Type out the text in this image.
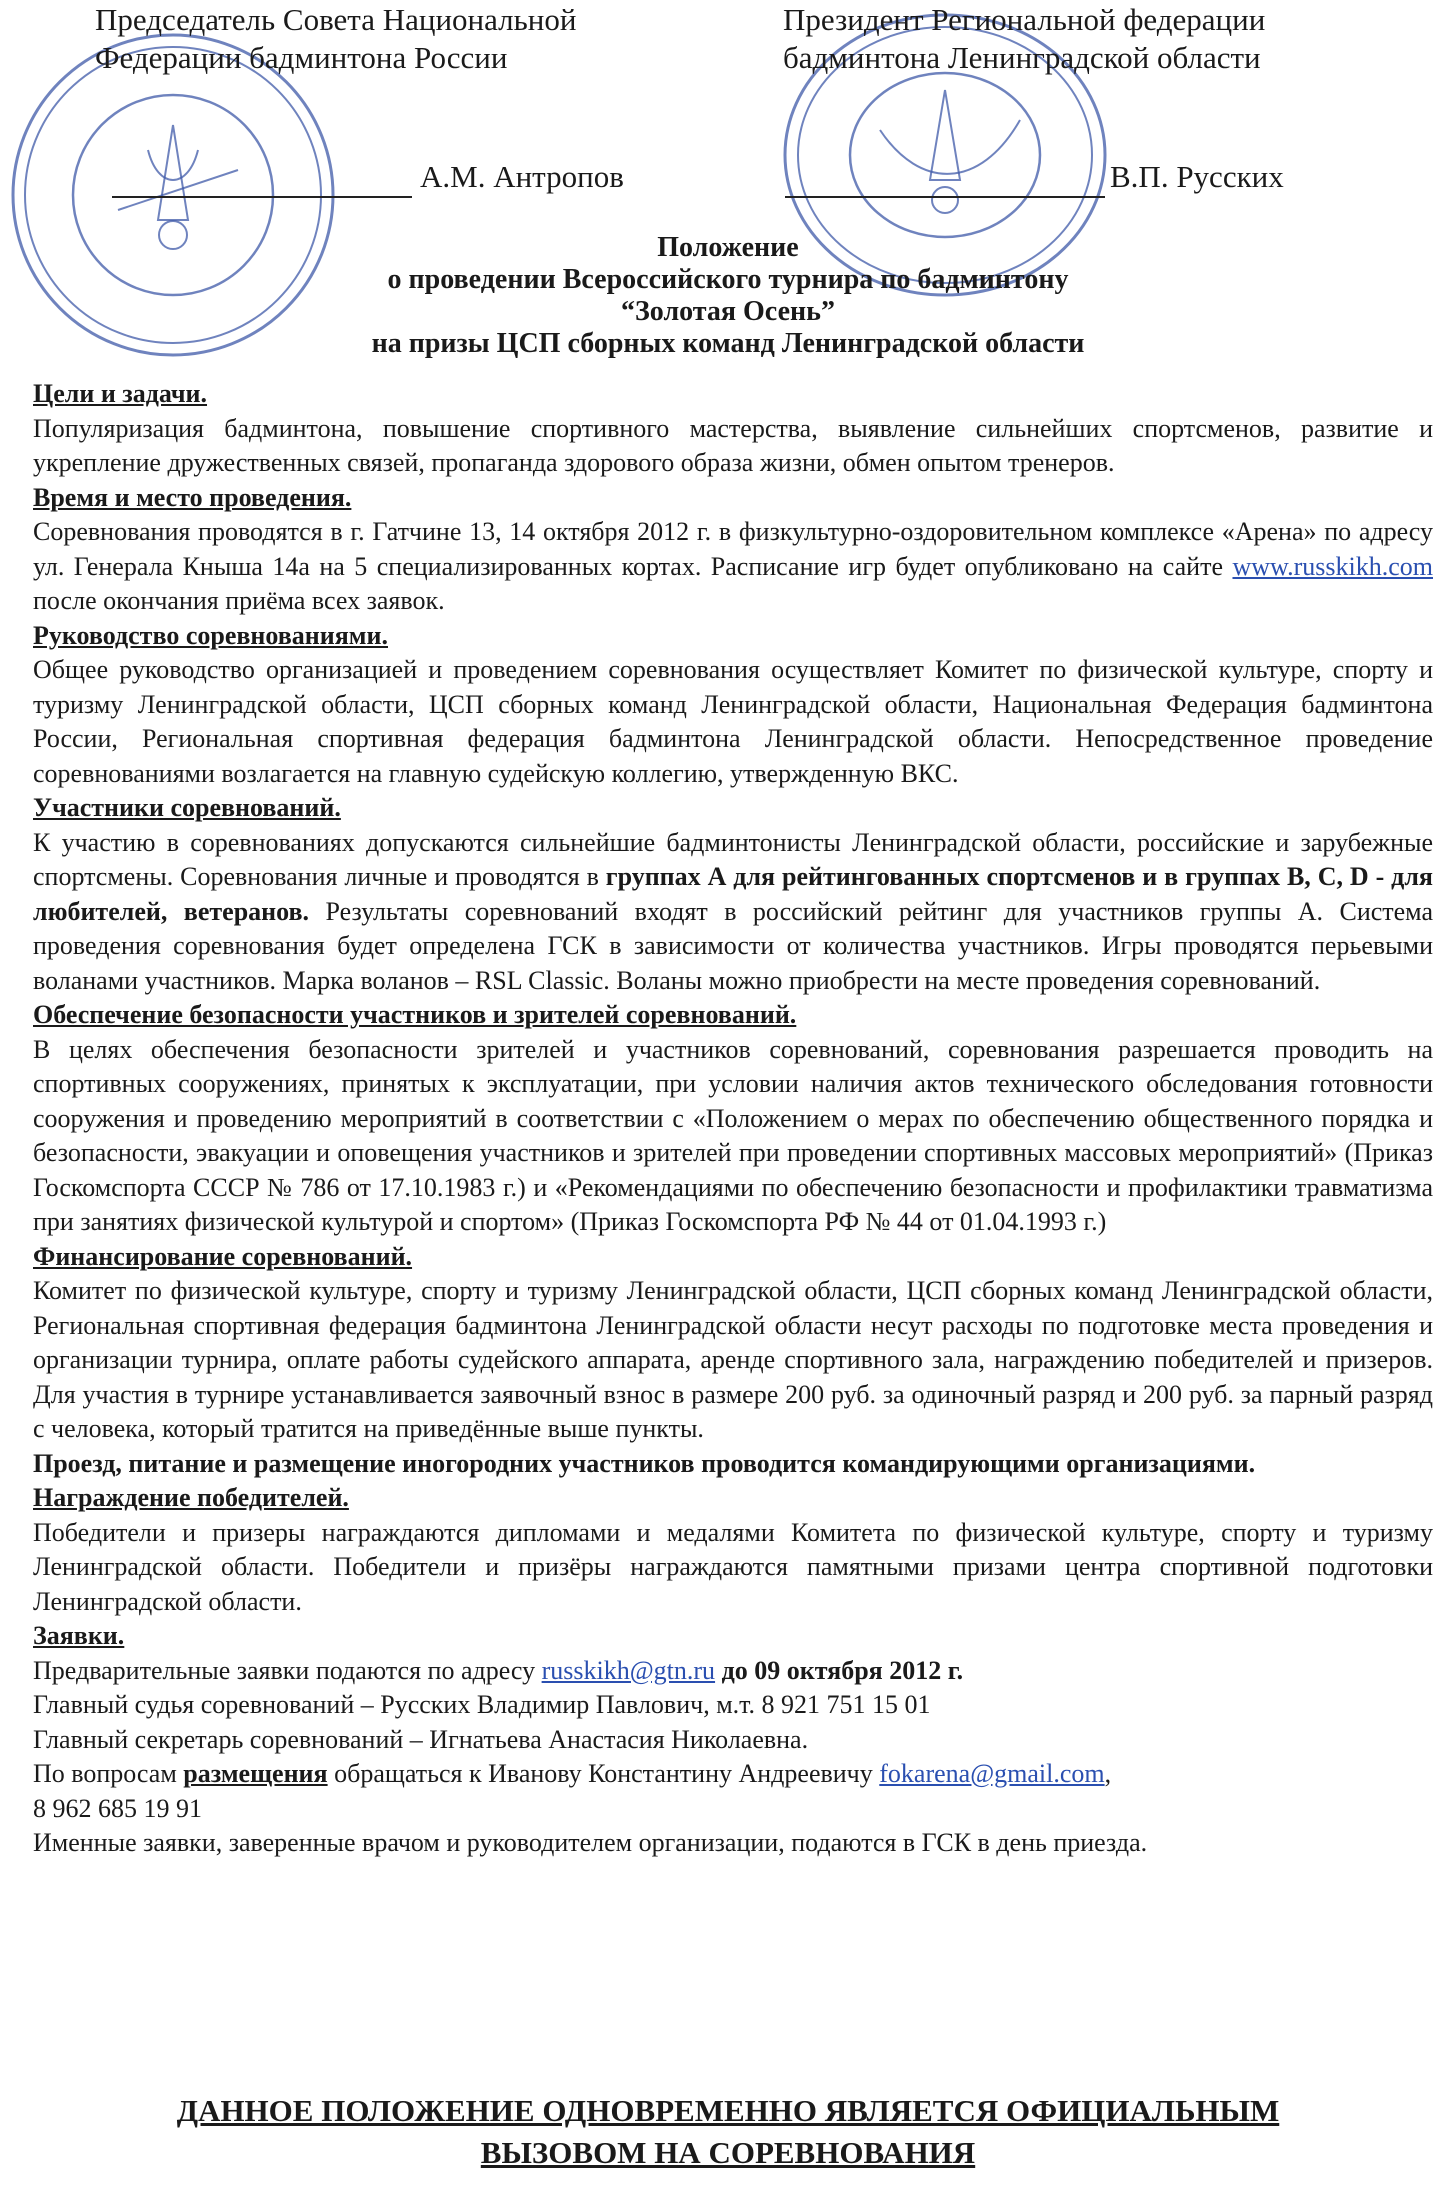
Председатель Совета Национальной
Федерации бадминтона России
Президент Региональной федерации
бадминтона Ленинградской области
А.М. Антропов	В.П. Русских
Положение
о проведении Всероссийского турнира по бадминтону
“Золотая Осень”
на призы ЦСП сборных команд Ленинградской области

Цели и задачи.

Популяризация бадминтона, повышение спортивного мастерства, выявление сильнейших спортсменов, развитие и укрепление дружественных связей, пропаганда здорового образа жизни, обмен опытом тренеров.

Время и место проведения.

Соревнования проводятся в г. Гатчине 13, 14 октября 2012 г. в физкультурно-оздоровительном комплексе «Арена» по адресу ул. Генерала Кныша 14а на 5 специализированных кортах. Расписание игр будет опубликовано на сайте www.russkikh.com после окончания приёма всех заявок.

Руководство соревнованиями.

Общее руководство организацией и проведением соревнования осуществляет Комитет по физической культуре, спорту и туризму Ленинградской области, ЦСП сборных команд Ленинградской области, Национальная Федерация бадминтона России, Региональная спортивная федерация бадминтона Ленинградской области. Непосредственное проведение соревнованиями возлагается на главную судейскую коллегию, утвержденную ВКС.

Участники соревнований.

К участию в соревнованиях допускаются сильнейшие бадминтонисты Ленинградской области, российские и зарубежные спортсмены. Соревнования личные и проводятся в группах А для рейтингованных спортсменов и в группах B, C, D - для любителей, ветеранов. Результаты соревнований входят в российский рейтинг для участников группы А. Система проведения соревнования будет определена ГСК в зависимости от количества участников. Игры проводятся перьевыми воланами участников. Марка воланов – RSL Classic. Воланы можно приобрести на месте проведения соревнований.

Обеспечение безопасности участников и зрителей соревнований.

В целях обеспечения безопасности зрителей и участников соревнований, соревнования разрешается проводить на спортивных сооружениях, принятых к эксплуатации, при условии наличия актов технического обследования готовности сооружения и проведению мероприятий в соответствии с «Положением о мерах по обеспечению общественного порядка и безопасности, эвакуации и оповещения участников и зрителей при проведении спортивных массовых мероприятий» (Приказ Госкомспорта СССР № 786 от 17.10.1983 г.) и «Рекомендациями по обеспечению безопасности и профилактики травматизма при занятиях физической культурой и спортом» (Приказ Госкомспорта РФ № 44 от 01.04.1993 г.)

Финансирование соревнований.

Комитет по физической культуре, спорту и туризму Ленинградской области, ЦСП сборных команд Ленинградской области, Региональная спортивная федерация бадминтона Ленинградской области несут расходы по подготовке места проведения и организации турнира, оплате работы судейского аппарата, аренде спортивного зала, награждению победителей и призеров. Для участия в турнире устанавливается заявочный взнос в размере 200 руб. за одиночный разряд и 200 руб. за парный разряд с человека, который тратится на приведённые выше пункты.

Проезд, питание и размещение иногородних участников проводится командирующими организациями.

Награждение победителей.

Победители и призеры награждаются дипломами и медалями Комитета по физической культуре, спорту и туризму Ленинградской области. Победители и призёры награждаются памятными призами центра спортивной подготовки Ленинградской области.

Заявки.

Предварительные заявки подаются по адресу russkikh@gtn.ru до 09 октября 2012 г.

Главный судья соревнований – Русских Владимир Павлович, м.т. 8 921 751 15 01

Главный секретарь соревнований – Игнатьева Анастасия Николаевна.

По вопросам размещения обращаться к Иванову Константину Андреевичу fokarena@gmail.com,

8 962 685 19 91

Именные заявки, заверенные врачом и руководителем организации, подаются в ГСК в день приезда.

ДАННОЕ ПОЛОЖЕНИЕ ОДНОВРЕМЕННО ЯВЛЯЕТСЯ ОФИЦИАЛЬНЫМ
ВЫЗОВОМ НА СОРЕВНОВАНИЯ
